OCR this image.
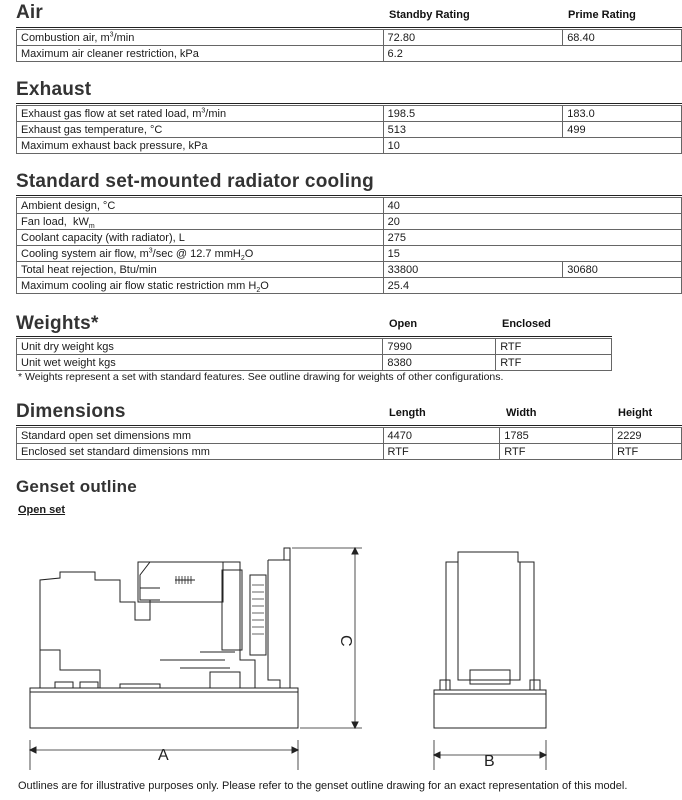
Air	Standby Rating	Prime Rating
Combustion air, $m^3/\min$	72.80	68.40
Maximum air cleaner restriction, kPa	6.2	
Exhaust
Exhaust gas flow at set rated load, $m^3/\min$	198.5	183.0
Exhaust gas temperature, °C	513	499
Maximum exhaust back pressure, kPa	10	
Standard set-mounted radiator cooling
Ambient design, °C	40	
Fan load,  $kW_m$	20	
Coolant capacity (with radiator), L	275	
Cooling system air flow, $m^3/\sec$ @ 12.7 mmH$_2$O	15	
Total heat rejection, Btu/min	33800	30680
Maximum cooling air flow static restriction mm $H_2O$	25.4	
Weights*	Open	Enclosed
Unit dry weight kgs	7990	RTF
Unit wet weight kgs	8380	RTF
* Weights represent a set with standard features. See outline drawing for weights of other configurations.
Dimensions	Length	Width	Height
Standard open set dimensions mm	4470	1785	2229
Enclosed set standard dimensions mm	RTF	RTF	RTF
Genset outline
Open set
A	B
C
Outlines are for illustrative purposes only. Please refer to the genset outline drawing for an exact representation of this model.
